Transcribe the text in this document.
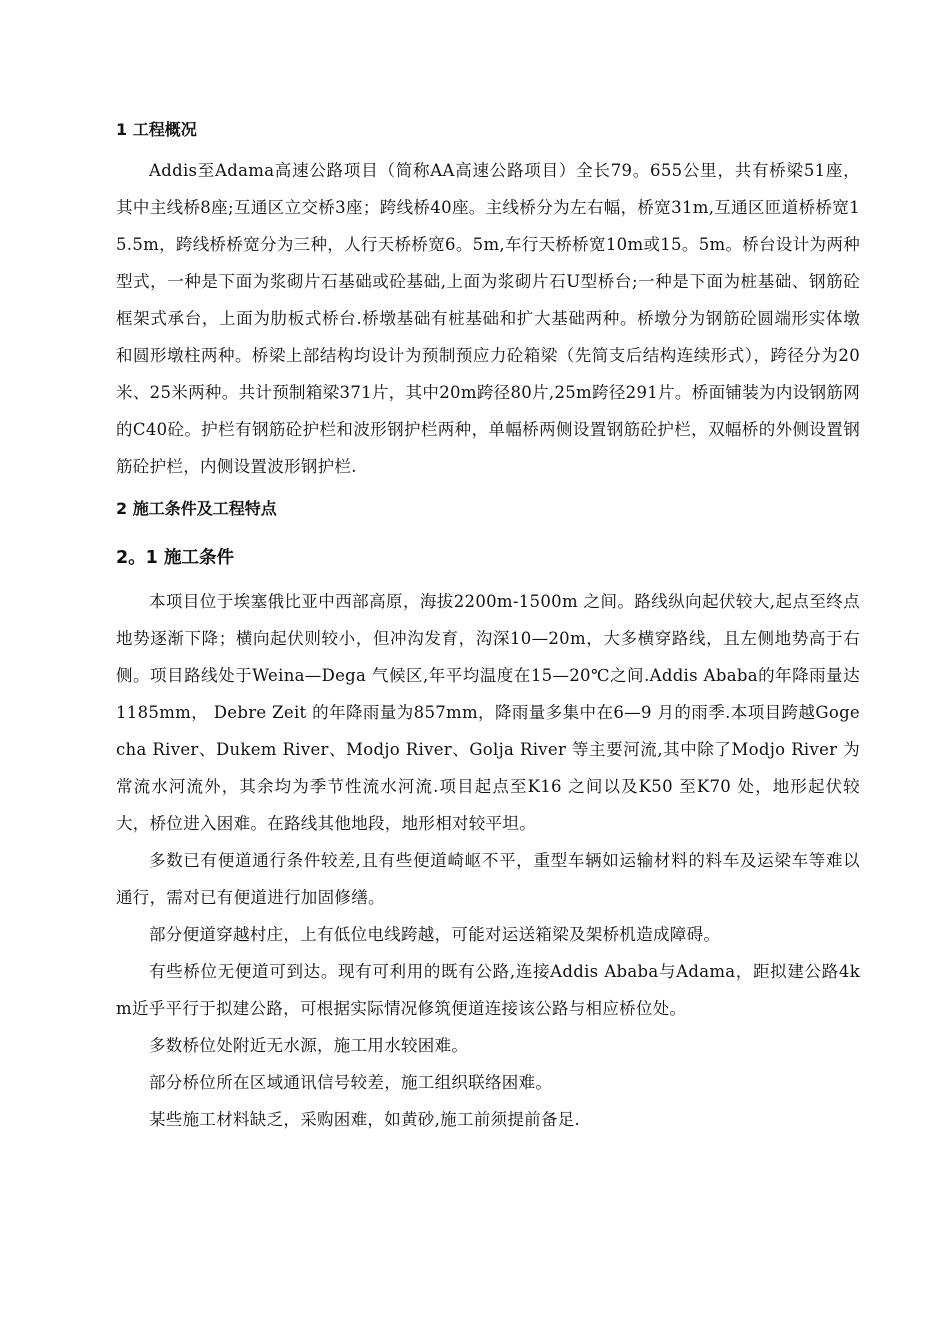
1 工程概况

Addis至Adama高速公路项目（简称AA高速公路项目）全长79。655公里，共有桥梁51座，其中主线桥8座;互通区立交桥3座；跨线桥40座。主线桥分为左右幅，桥宽31m,互通区匝道桥桥宽15.5m，跨线桥桥宽分为三种，人行天桥桥宽6。5m,车行天桥桥宽10m或15。5m。桥台设计为两种型式，一种是下面为浆砌片石基础或砼基础,上面为浆砌片石U型桥台;一种是下面为桩基础、钢筋砼框架式承台，上面为肋板式桥台.桥墩基础有桩基础和扩大基础两种。桥墩分为钢筋砼圆端形实体墩和圆形墩柱两种。桥梁上部结构均设计为预制预应力砼箱梁（先简支后结构连续形式），跨径分为20米、25米两种。共计预制箱梁371片，其中20m跨径80片,25m跨径291片。桥面铺装为内设钢筋网的C40砼。护栏有钢筋砼护栏和波形钢护栏两种，单幅桥两侧设置钢筋砼护栏，双幅桥的外侧设置钢筋砼护栏，内侧设置波形钢护栏.

2 施工条件及工程特点
2。1 施工条件

本项目位于埃塞俄比亚中西部高原，海拔2200m-1500m 之间。路线纵向起伏较大,起点至终点地势逐渐下降；横向起伏则较小，但冲沟发育，沟深10—20m，大多横穿路线，且左侧地势高于右侧。项目路线处于Weina—Dega 气候区,年平均温度在15—20℃之间.Addis Ababa的年降雨量达1185mm， Debre Zeit 的年降雨量为857mm，降雨量多集中在6—9 月的雨季.本项目跨越Gogecha River、Dukem River、Modjo River、Golja River 等主要河流,其中除了Modjo River 为常流水河流外，其余均为季节性流水河流.项目起点至K16 之间以及K50 至K70 处，地形起伏较大，桥位进入困难。在路线其他地段，地形相对较平坦。

多数已有便道通行条件较差,且有些便道崎岖不平，重型车辆如运输材料的料车及运梁车等难以通行，需对已有便道进行加固修缮。

部分便道穿越村庄，上有低位电线跨越，可能对运送箱梁及架桥机造成障碍。

有些桥位无便道可到达。现有可利用的既有公路,连接Addis Ababa与Adama，距拟建公路4km近乎平行于拟建公路，可根据实际情况修筑便道连接该公路与相应桥位处。

多数桥位处附近无水源，施工用水较困难。

部分桥位所在区域通讯信号较差，施工组织联络困难。

某些施工材料缺乏，采购困难，如黄砂,施工前须提前备足.
